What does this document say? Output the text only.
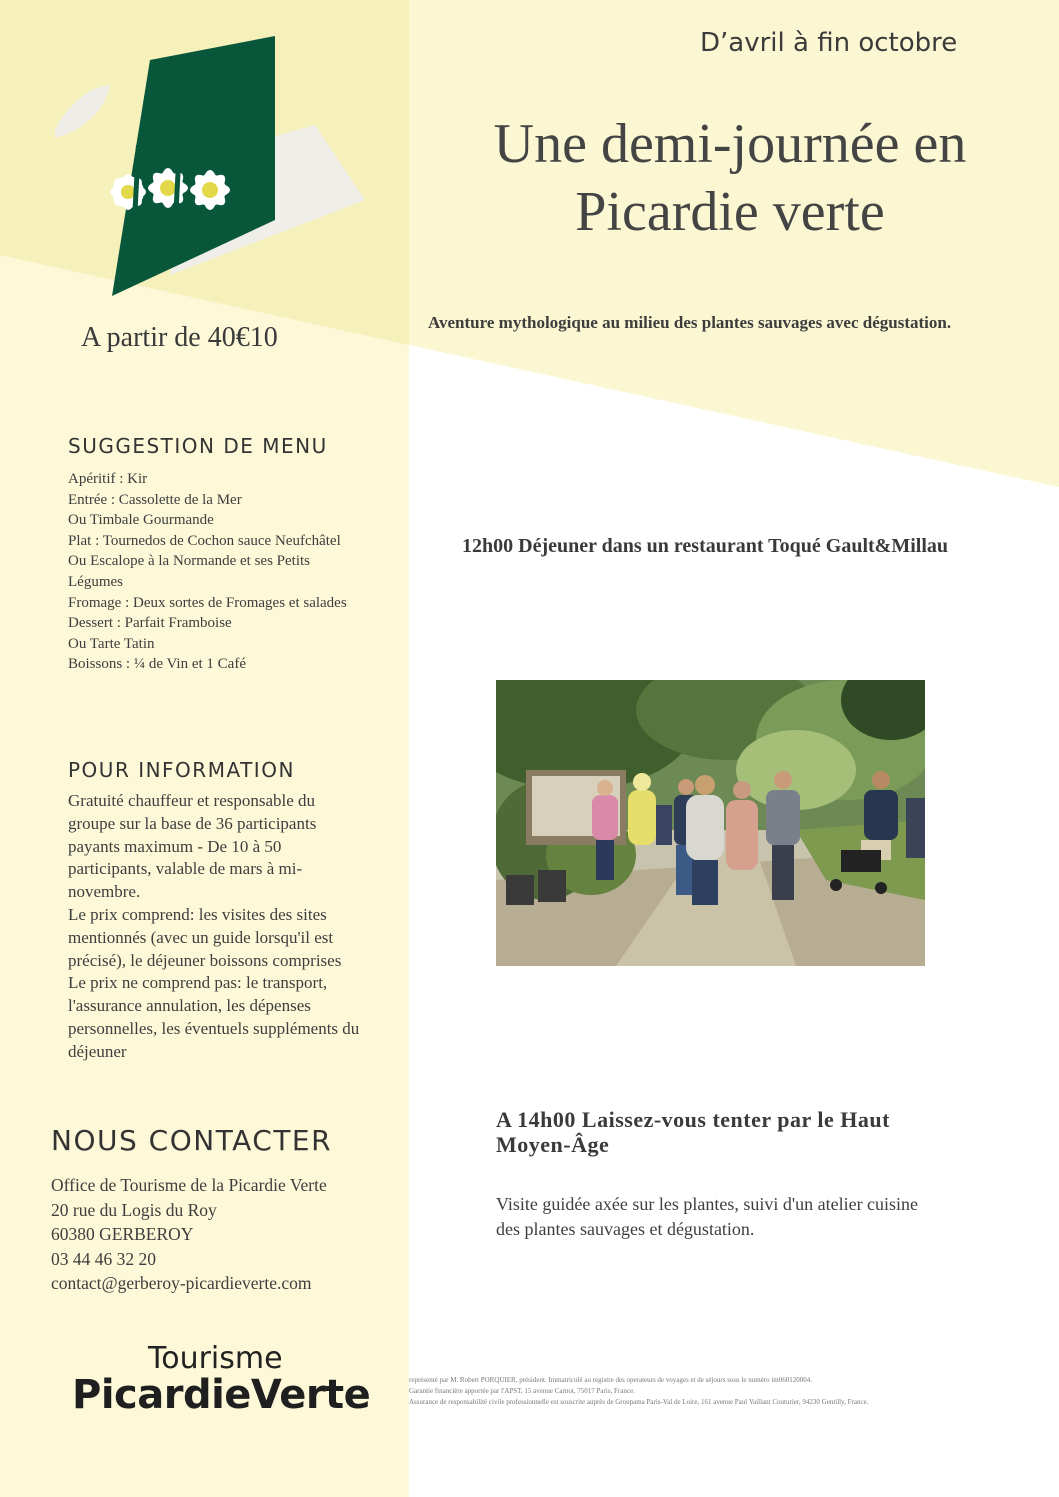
D’avril à fin octobre
Une demi-journée en Picardie verte
Aventure mythologique au milieu des plantes sauvages avec dégustation.
A partir de 40€10
SUGGESTION DE MENU
Apéritif : Kir
Entrée : Cassolette de la Mer
Ou Timbale Gourmande
Plat : Tournedos de Cochon sauce Neufchâtel
Ou Escalope à la Normande et ses Petits Légumes
Fromage : Deux sortes de Fromages et salades
Dessert : Parfait Framboise
Ou Tarte Tatin
Boissons : ¼ de Vin et 1 Café
POUR INFORMATION
Gratuité chauffeur et responsable du groupe sur la base de 36 participants payants maximum - De 10 à 50 participants, valable de mars à mi-novembre.
Le prix comprend: les visites des sites mentionnés (avec un guide lorsqu'il est précisé), le déjeuner boissons comprises
Le prix ne comprend pas: le transport, l'assurance annulation, les dépenses personnelles, les éventuels suppléments du déjeuner
NOUS CONTACTER
Office de Tourisme de la Picardie Verte
20 rue du Logis du Roy
60380 GERBEROY
03 44 46 32 20
contact@gerberoy-picardieverte.com
Tourisme
PicardieVerte	représenté par M. Robert PORQUIER, président. Immatriculé au registre des operateurs de voyages et de séjours sous le numéro im060120004.
Garantie financière apportée par l'APST, 15 avenue Carnot, 75017 Paris, France.
Assurance de responsabilité civile professionnelle est souscrite auprès de Groupama Paris-Val de Loire, 161 avenue Paul Vaillant Couturier, 94230 Gentilly, France.
12h00 Déjeuner dans un restaurant Toqué Gault&Millau
A 14h00 Laissez-vous tenter par le Haut Moyen-Âge
Visite guidée axée sur les plantes, suivi d'un atelier cuisine des plantes sauvages et dégustation.
